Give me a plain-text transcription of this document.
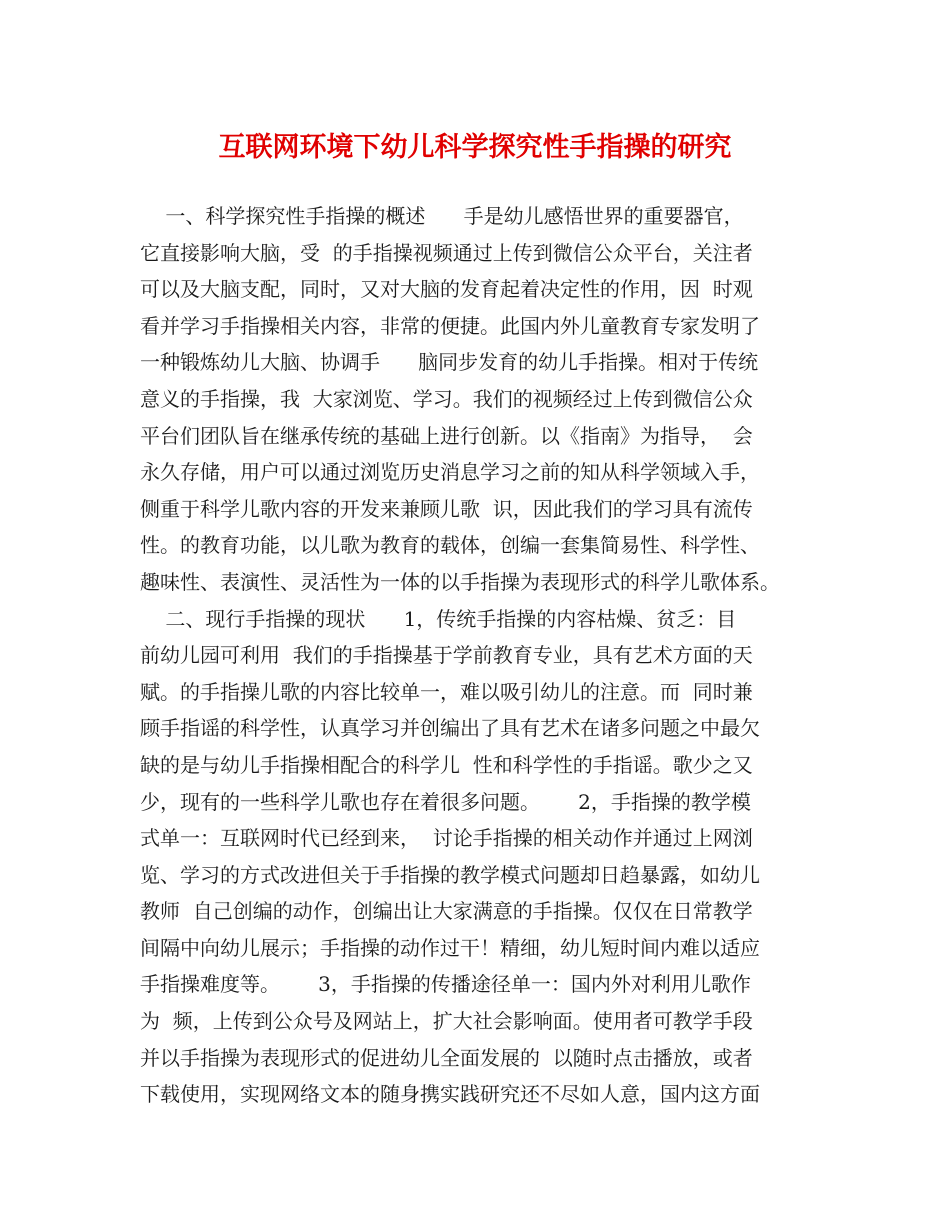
互联网环境下幼儿科学探究性手指操的研究
一、科学探究性手指操的概述      手是幼儿感悟世界的重要器官，
它直接影响大脑，受  的手指操视频通过上传到微信公众平台，关注者
可以及大脑支配，同时，又对大脑的发育起着决定性的作用，因  时观
看并学习手指操相关内容，非常的便捷。此国内外儿童教育专家发明了
一种锻炼幼儿大脑、协调手      脑同步发育的幼儿手指操。相对于传统
意义的手指操，我  大家浏览、学习。我们的视频经过上传到微信公众
平台们团队旨在继承传统的基础上进行创新。以《指南》为指导，  会
永久存储，用户可以通过浏览历史消息学习之前的知从科学领域入手，
侧重于科学儿歌内容的开发来兼顾儿歌  识，因此我们的学习具有流传
性。的教育功能，以儿歌为教育的载体，创编一套集简易性、科学性、
趣味性、表演性、灵活性为一体的以手指操为表现形式的科学儿歌体系。
二、现行手指操的现状      1，传统手指操的内容枯燥、贫乏：目
前幼儿园可利用  我们的手指操基于学前教育专业，具有艺术方面的天
赋。的手指操儿歌的内容比较单一，难以吸引幼儿的注意。而  同时兼
顾手指谣的科学性，认真学习并创编出了具有艺术在诸多问题之中最欠
缺的是与幼儿手指操相配合的科学儿  性和科学性的手指谣。歌少之又
少，现有的一些科学儿歌也存在着很多问题。      2，手指操的教学模
式单一：互联网时代已经到来，  讨论手指操的相关动作并通过上网浏
览、学习的方式改进但关于手指操的教学模式问题却日趋暴露，如幼儿
教师  自己创编的动作，创编出让大家满意的手指操。仅仅在日常教学
间隔中向幼儿展示；手指操的动作过干！精细，幼儿短时间内难以适应
手指操难度等。      3，手指操的传播途径单一：国内外对利用儿歌作
为  频，上传到公众号及网站上，扩大社会影响面。使用者可教学手段
并以手指操为表现形式的促进幼儿全面发展的  以随时点击播放，或者
下载使用，实现网络文本的随身携实践研究还不尽如人意，国内这方面
